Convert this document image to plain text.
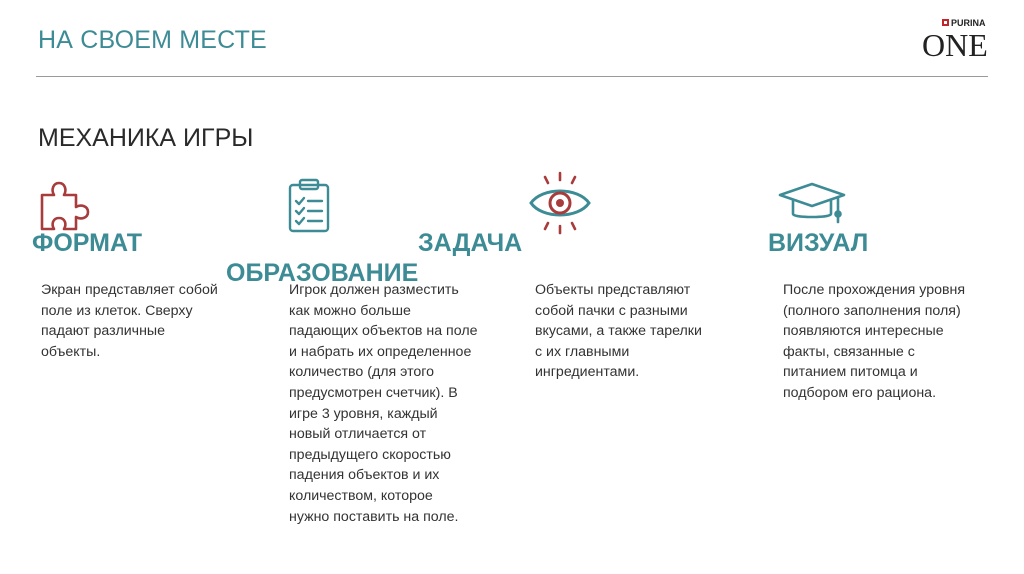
НА СВОЕМ МЕСТЕ
PURINA
ONE
МЕХАНИКА ИГРЫ
ФОРМАТ
Экран представляет собой
поле из клеток. Сверху
падают различные
объекты.
ОБРАЗОВАНИЕ
Игрок должен разместить
как можно больше
падающих объектов на поле
и набрать их определенное
количество (для этого
предусмотрен счетчик). В
игре 3 уровня, каждый
новый отличается от
предыдущего скоростью
падения объектов и их
количеством, которое
нужно поставить на поле.
ЗАДАЧА
Объекты представляют
собой пачки с разными
вкусами, а также тарелки
с их главными
ингредиентами.
ВИЗУАЛ
После прохождения уровня
(полного заполнения поля)
появляются интересные
факты, связанные с
питанием питомца и
подбором его рациона.
